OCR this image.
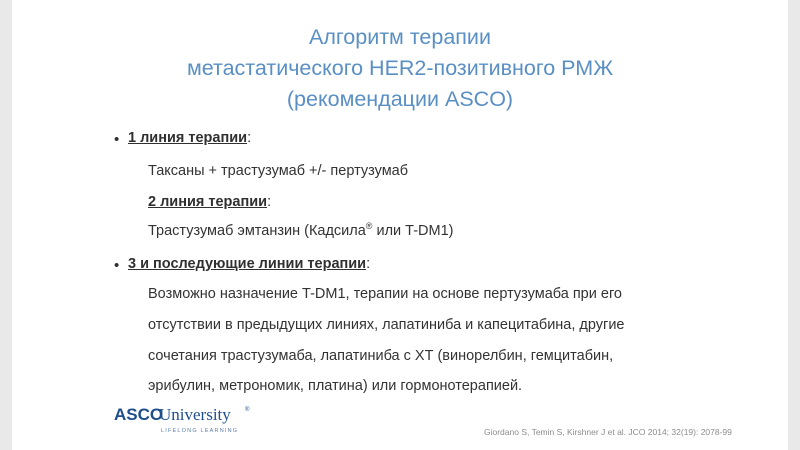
Алгоритм терапии
метастатического HER2-позитивного РМЖ
(рекомендации ASCO)
• 1 линия терапии:
Таксаны + трастузумаб +/- пертузумаб
2 линия терапии:
Трастузумаб эмтанзин (Кадсила® или T-DM1)
• 3 и последующие линии терапии:
Возможно назначение T-DM1, терапии на основе пертузумаба при его
отсутствии в предыдущих линиях, лапатиниба и капецитабина, другие
сочетания трастузумаба, лапатиниба с ХТ (винорелбин, гемцитабин,
эрибулин, метрономик, платина) или гормонотерапией.
ASCO
University ®
LIFELONG LEARNING	Giordano S, Temin S, Kirshner J et al. JCO 2014; 32(19): 2078-99
